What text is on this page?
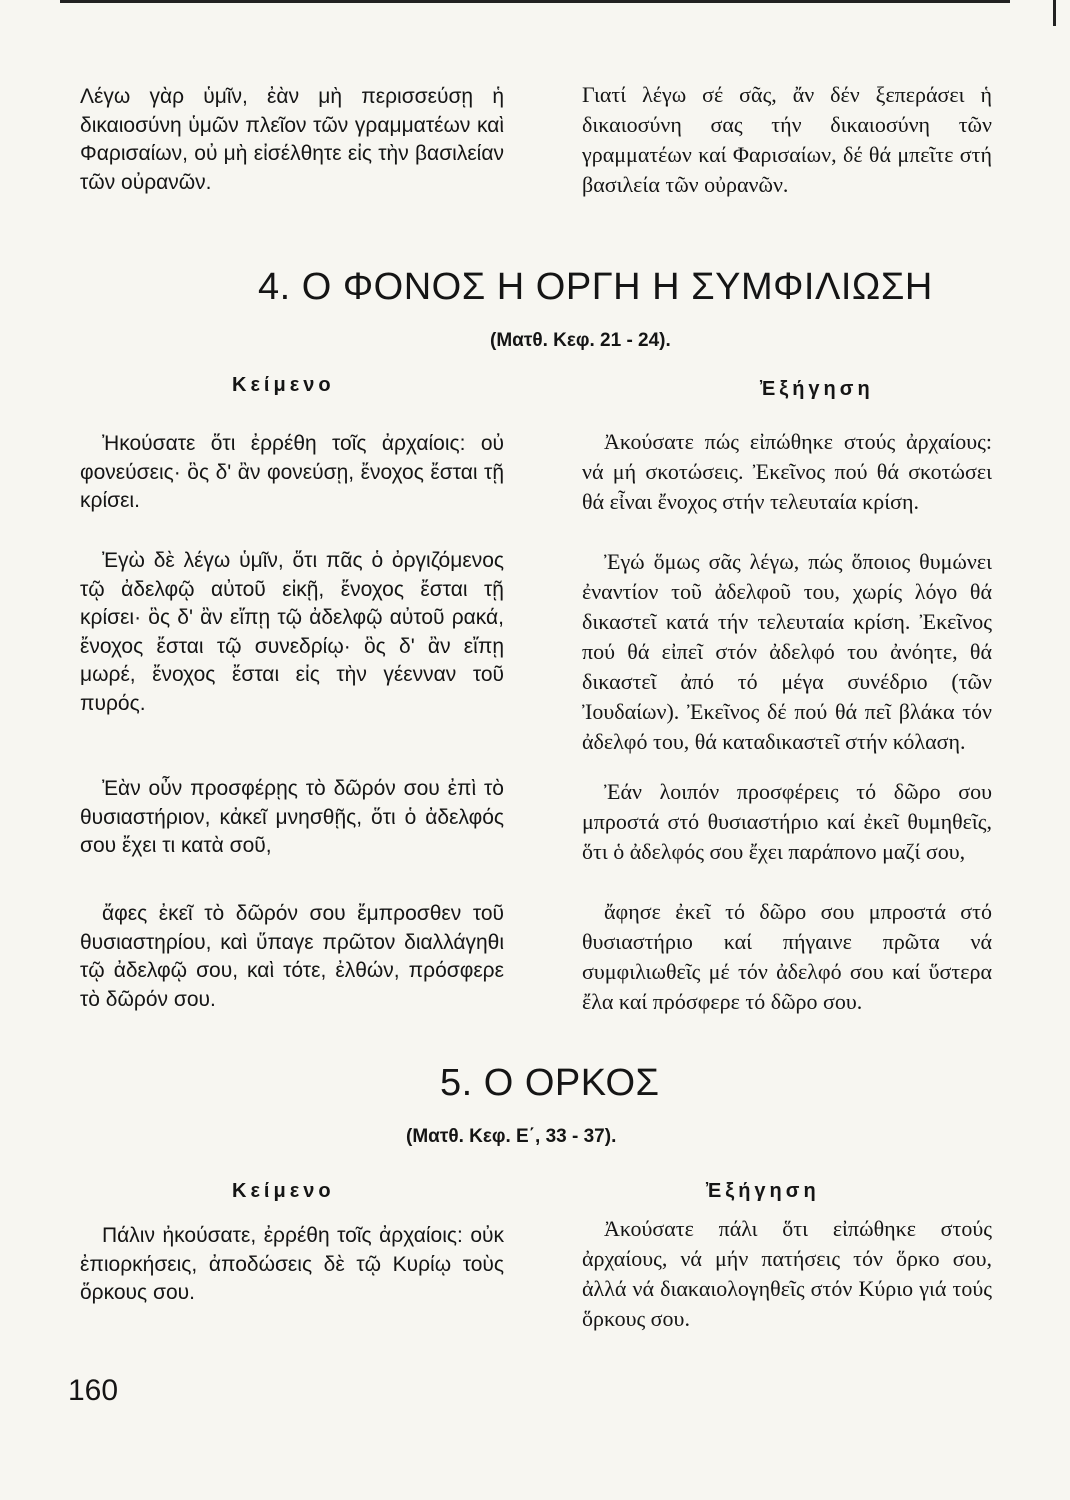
Λέγω γὰρ ὑμῖν, ἐὰν μὴ περισσεύσῃ ἡ δικαιοσύνη ὑμῶν πλεῖον τῶν γραμματέων καὶ Φαρισαίων, οὐ μὴ εἰσέλθητε εἰς τὴν βασιλείαν τῶν οὐρανῶν.

Γιατί λέγω σέ σᾶς, ἄν δέν ξεπεράσει ἡ δικαιοσύνη σας τήν δικαιοσύνη τῶν γραμματέων καί Φαρισαίων, δέ θά μπεῖτε στή βασιλεία τῶν οὐρανῶν.

4. Ο ΦΟΝΟΣ Η ΟΡΓΗ Η ΣΥΜΦΙΛΙΩΣΗ

(Ματθ. Κεφ. 21 - 24).

Κείμενο	Ἐξήγηση

Ἠκούσατε ὅτι ἐρρέθη τοῖς ἀρχαίοις: οὐ φονεύσεις· ὃς δ' ἂν φονεύσῃ, ἔνοχος ἔσται τῇ κρίσει.

Ἐγὼ δὲ λέγω ὑμῖν, ὅτι πᾶς ὁ ὀργιζόμενος τῷ ἀδελφῷ αὐτοῦ εἰκῇ, ἔνοχος ἔσται τῇ κρίσει· ὃς δ' ἂν εἴπῃ τῷ ἀδελφῷ αὐτοῦ ρακά, ἔνοχος ἔσται τῷ συνεδρίῳ· ὃς δ' ἂν εἴπῃ μωρέ, ἔνοχος ἔσται εἰς τὴν γέενναν τοῦ πυρός.

Ἐὰν οὖν προσφέρῃς τὸ δῶρόν σου ἐπὶ τὸ θυσιαστήριον, κἀκεῖ μνησθῇς, ὅτι ὁ ἀδελφός σου ἔχει τι κατὰ σοῦ,

ἄφες ἐκεῖ τὸ δῶρόν σου ἔμπροσθεν τοῦ θυσιαστηρίου, καὶ ὕπαγε πρῶτον διαλλάγηθι τῷ ἀδελφῷ σου, καὶ τότε, ἐλθών, πρόσφερε τὸ δῶρόν σου.

Ἀκούσατε πώς εἰπώθηκε στούς ἀρχαίους: νά μή σκοτώσεις. Ἐκεῖνος πού θά σκοτώσει θά εἶναι ἔνοχος στήν τελευταία κρίση.

Ἐγώ ὅμως σᾶς λέγω, πώς ὅποιος θυμώνει ἐναντίον τοῦ ἀδελφοῦ του, χωρίς λόγο θά δικαστεῖ κατά τήν τελευταία κρίση. Ἐκεῖνος πού θά εἰπεῖ στόν ἀδελφό του ἀνόητε, θά δικαστεῖ ἀπό τό μέγα συνέδριο (τῶν Ἰουδαίων). Ἐκεῖνος δέ πού θά πεῖ βλάκα τόν ἀδελφό του, θά καταδικαστεῖ στήν κόλαση.

Ἐάν λοιπόν προσφέρεις τό δῶρο σου μπροστά στό θυσιαστήριο καί ἐκεῖ θυμηθεῖς, ὅτι ὁ ἀδελφός σου ἔχει παράπονο μαζί σου,

ἄφησε ἐκεῖ τό δῶρο σου μπροστά στό θυσιαστήριο καί πήγαινε πρῶτα νά συμφιλιωθεῖς μέ τόν ἀδελφό σου καί ὕστερα ἔλα καί πρόσφερε τό δῶρο σου.

5. Ο ΟΡΚΟΣ

(Ματθ. Κεφ. Ε΄, 33 - 37).

Κείμενο	Ἐξήγηση

Πάλιν ἠκούσατε, ἐρρέθη τοῖς ἀρχαίοις: οὐκ ἐπιορκήσεις, ἀποδώσεις δὲ τῷ Κυρίῳ τοὺς ὅρκους σου.

Ἀκούσατε πάλι ὅτι εἰπώθηκε στούς ἀρχαίους, νά μήν πατήσεις τόν ὅρκο σου, ἀλλά νά διακαιολογηθεῖς στόν Κύριο γιά τούς ὅρκους σου.

160
